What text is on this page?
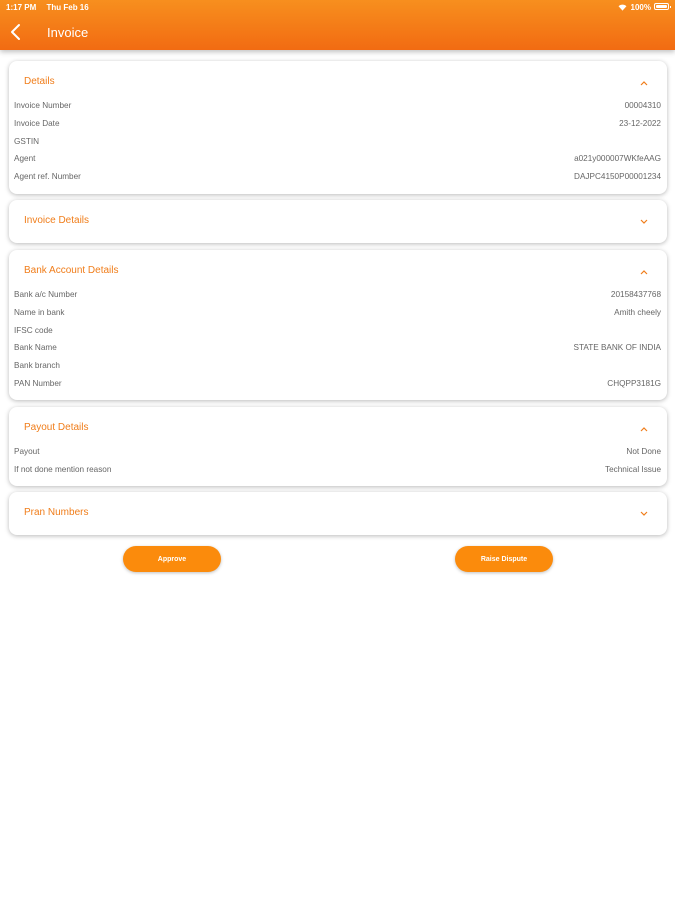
1:17 PM Thu Feb 16	100%
Invoice
Details
Invoice Number	00004310
Invoice Date	23-12-2022
GSTIN
Agent	a021y000007WKfeAAG
Agent ref. Number	DAJPC4150P00001234
Invoice Details
Bank Account Details
Bank a/c Number	20158437768
Name in bank	Amith cheely
IFSC code
Bank Name	STATE BANK OF INDIA
Bank branch
PAN Number	CHQPP3181G
Payout Details
Payout	Not Done
If not done mention reason	Technical Issue
Pran Numbers
Approve	Raise Dispute
